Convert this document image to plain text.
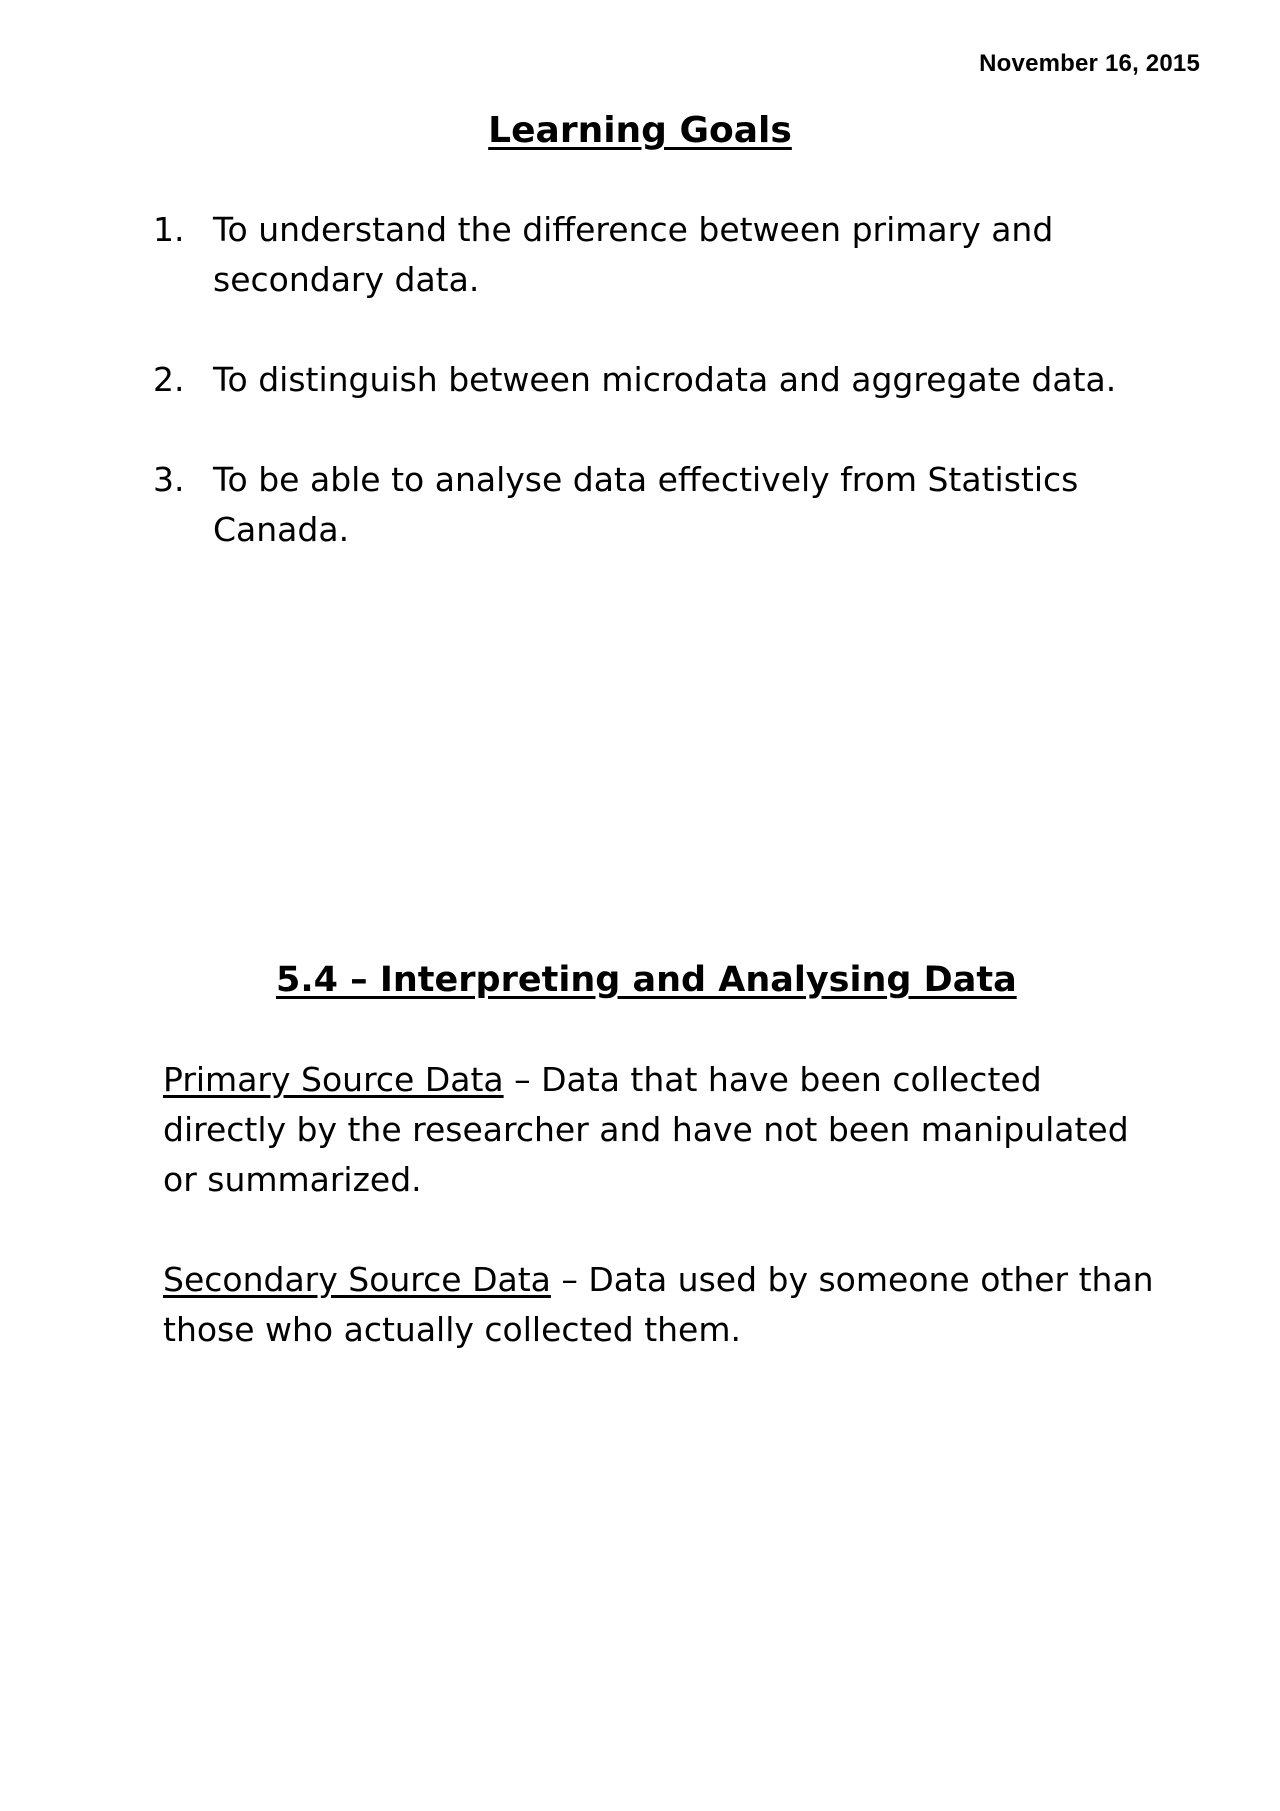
November 16, 2015
Learning Goals
1. To understand the difference between primary and secondary data.
2. To distinguish between microdata and aggregate data.
3. To be able to analyse data effectively from Statistics Canada.
5.4 – Interpreting and Analysing Data

Primary Source Data – Data that have been collected directly by the researcher and have not been manipulated or summarized.

Secondary Source Data – Data used by someone other than those who actually collected them.
